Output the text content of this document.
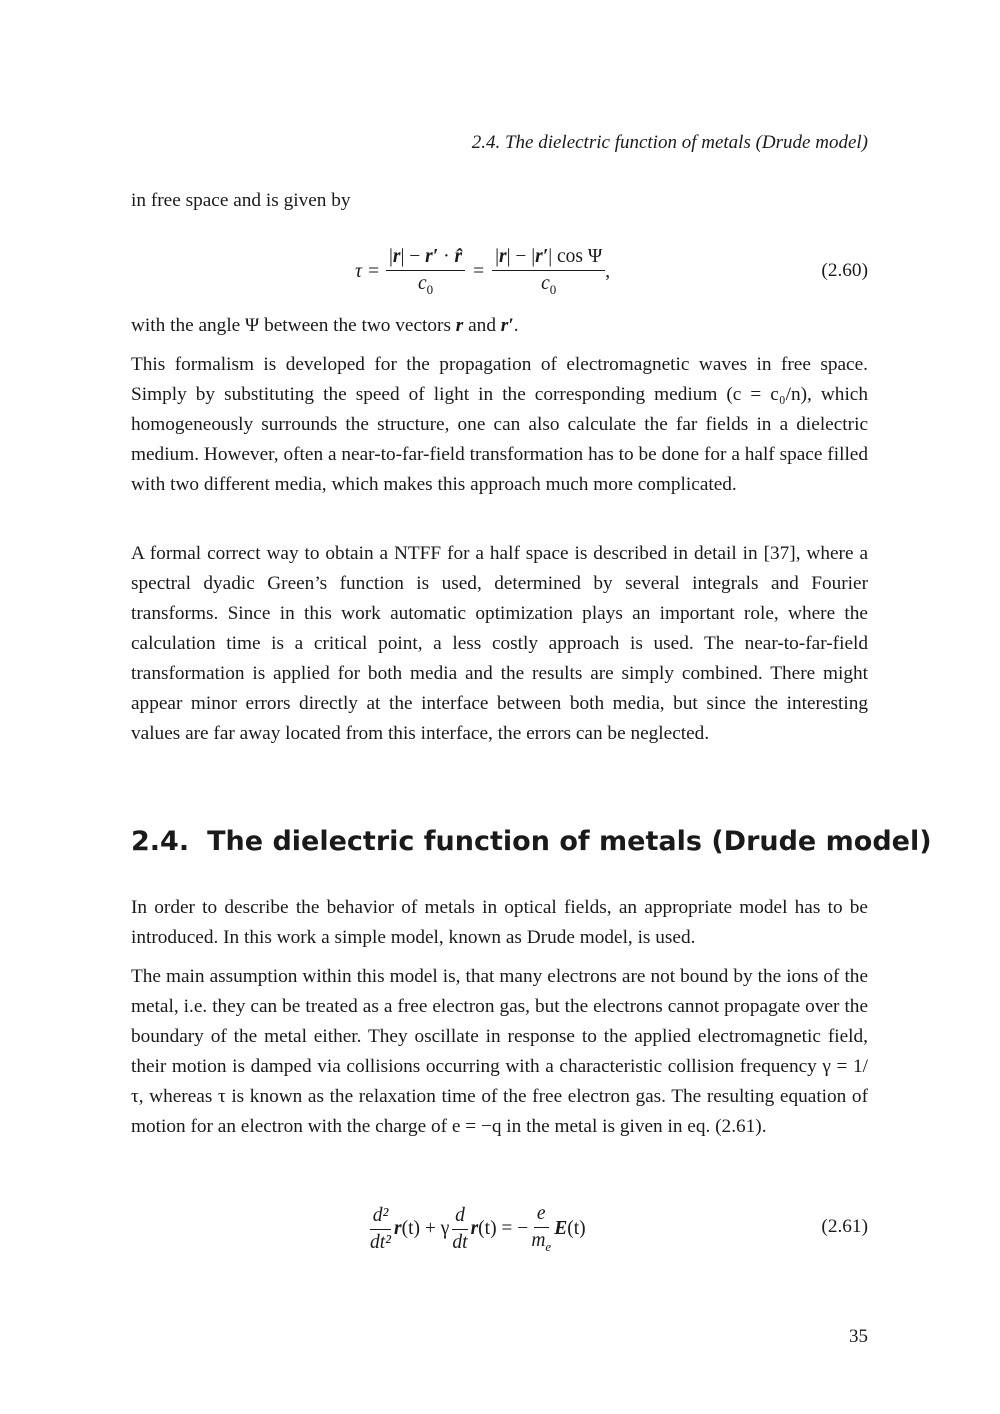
2.4. The dielectric function of metals (Drude model)

in free space and is given by

$\tau = \frac{|r| - r' \cdot r̂}{c_0} = \frac{\text{|r| − |r′| cos Ψ}}{c_0}$ ,	(2.60)

with the angle Ψ between the two vectors r and r′.

This formalism is developed for the propagation of electromagnetic waves in free space. Simply by substituting the speed of light in the corresponding medium (c = c₀/n), which homogeneously surrounds the structure, one can also calculate the far fields in a dielectric medium. However, often a near-to-far-field transformation has to be done for a half space filled with two different media, which makes this approach much more complicated.

A formal correct way to obtain a NTFF for a half space is described in detail in [37], where a spectral dyadic Green’s function is used, determined by several integrals and Fourier transforms. Since in this work automatic optimization plays an important role, where the calculation time is a critical point, a less costly approach is used. The near-to-far-field transformation is applied for both media and the results are simply combined. There might appear minor errors directly at the interface between both media, but since the interesting values are far away located from this interface, the errors can be neglected.

2.4. The dielectric function of metals (Drude model)

In order to describe the behavior of metals in optical fields, an appropriate model has to be introduced. In this work a simple model, known as Drude model, is used.

The main assumption within this model is, that many electrons are not bound by the ions of the metal, i.e. they can be treated as a free electron gas, but the electrons cannot propagate over the boundary of the metal either. They oscillate in response to the applied electromagnetic field, their motion is damped via collisions occurring with a characteristic collision frequency γ = 1/τ, whereas τ is known as the relaxation time of the free electron gas. The resulting equation of motion for an electron with the charge of e = −q in the metal is given in eq. (2.61).

$\frac{\text{d²}}{\text{dt²}}$ r (t) + γ $\frac{d}{dt}$ r (t) = − $\frac{e}{m_e}$ E (t)	(2.61)
35
